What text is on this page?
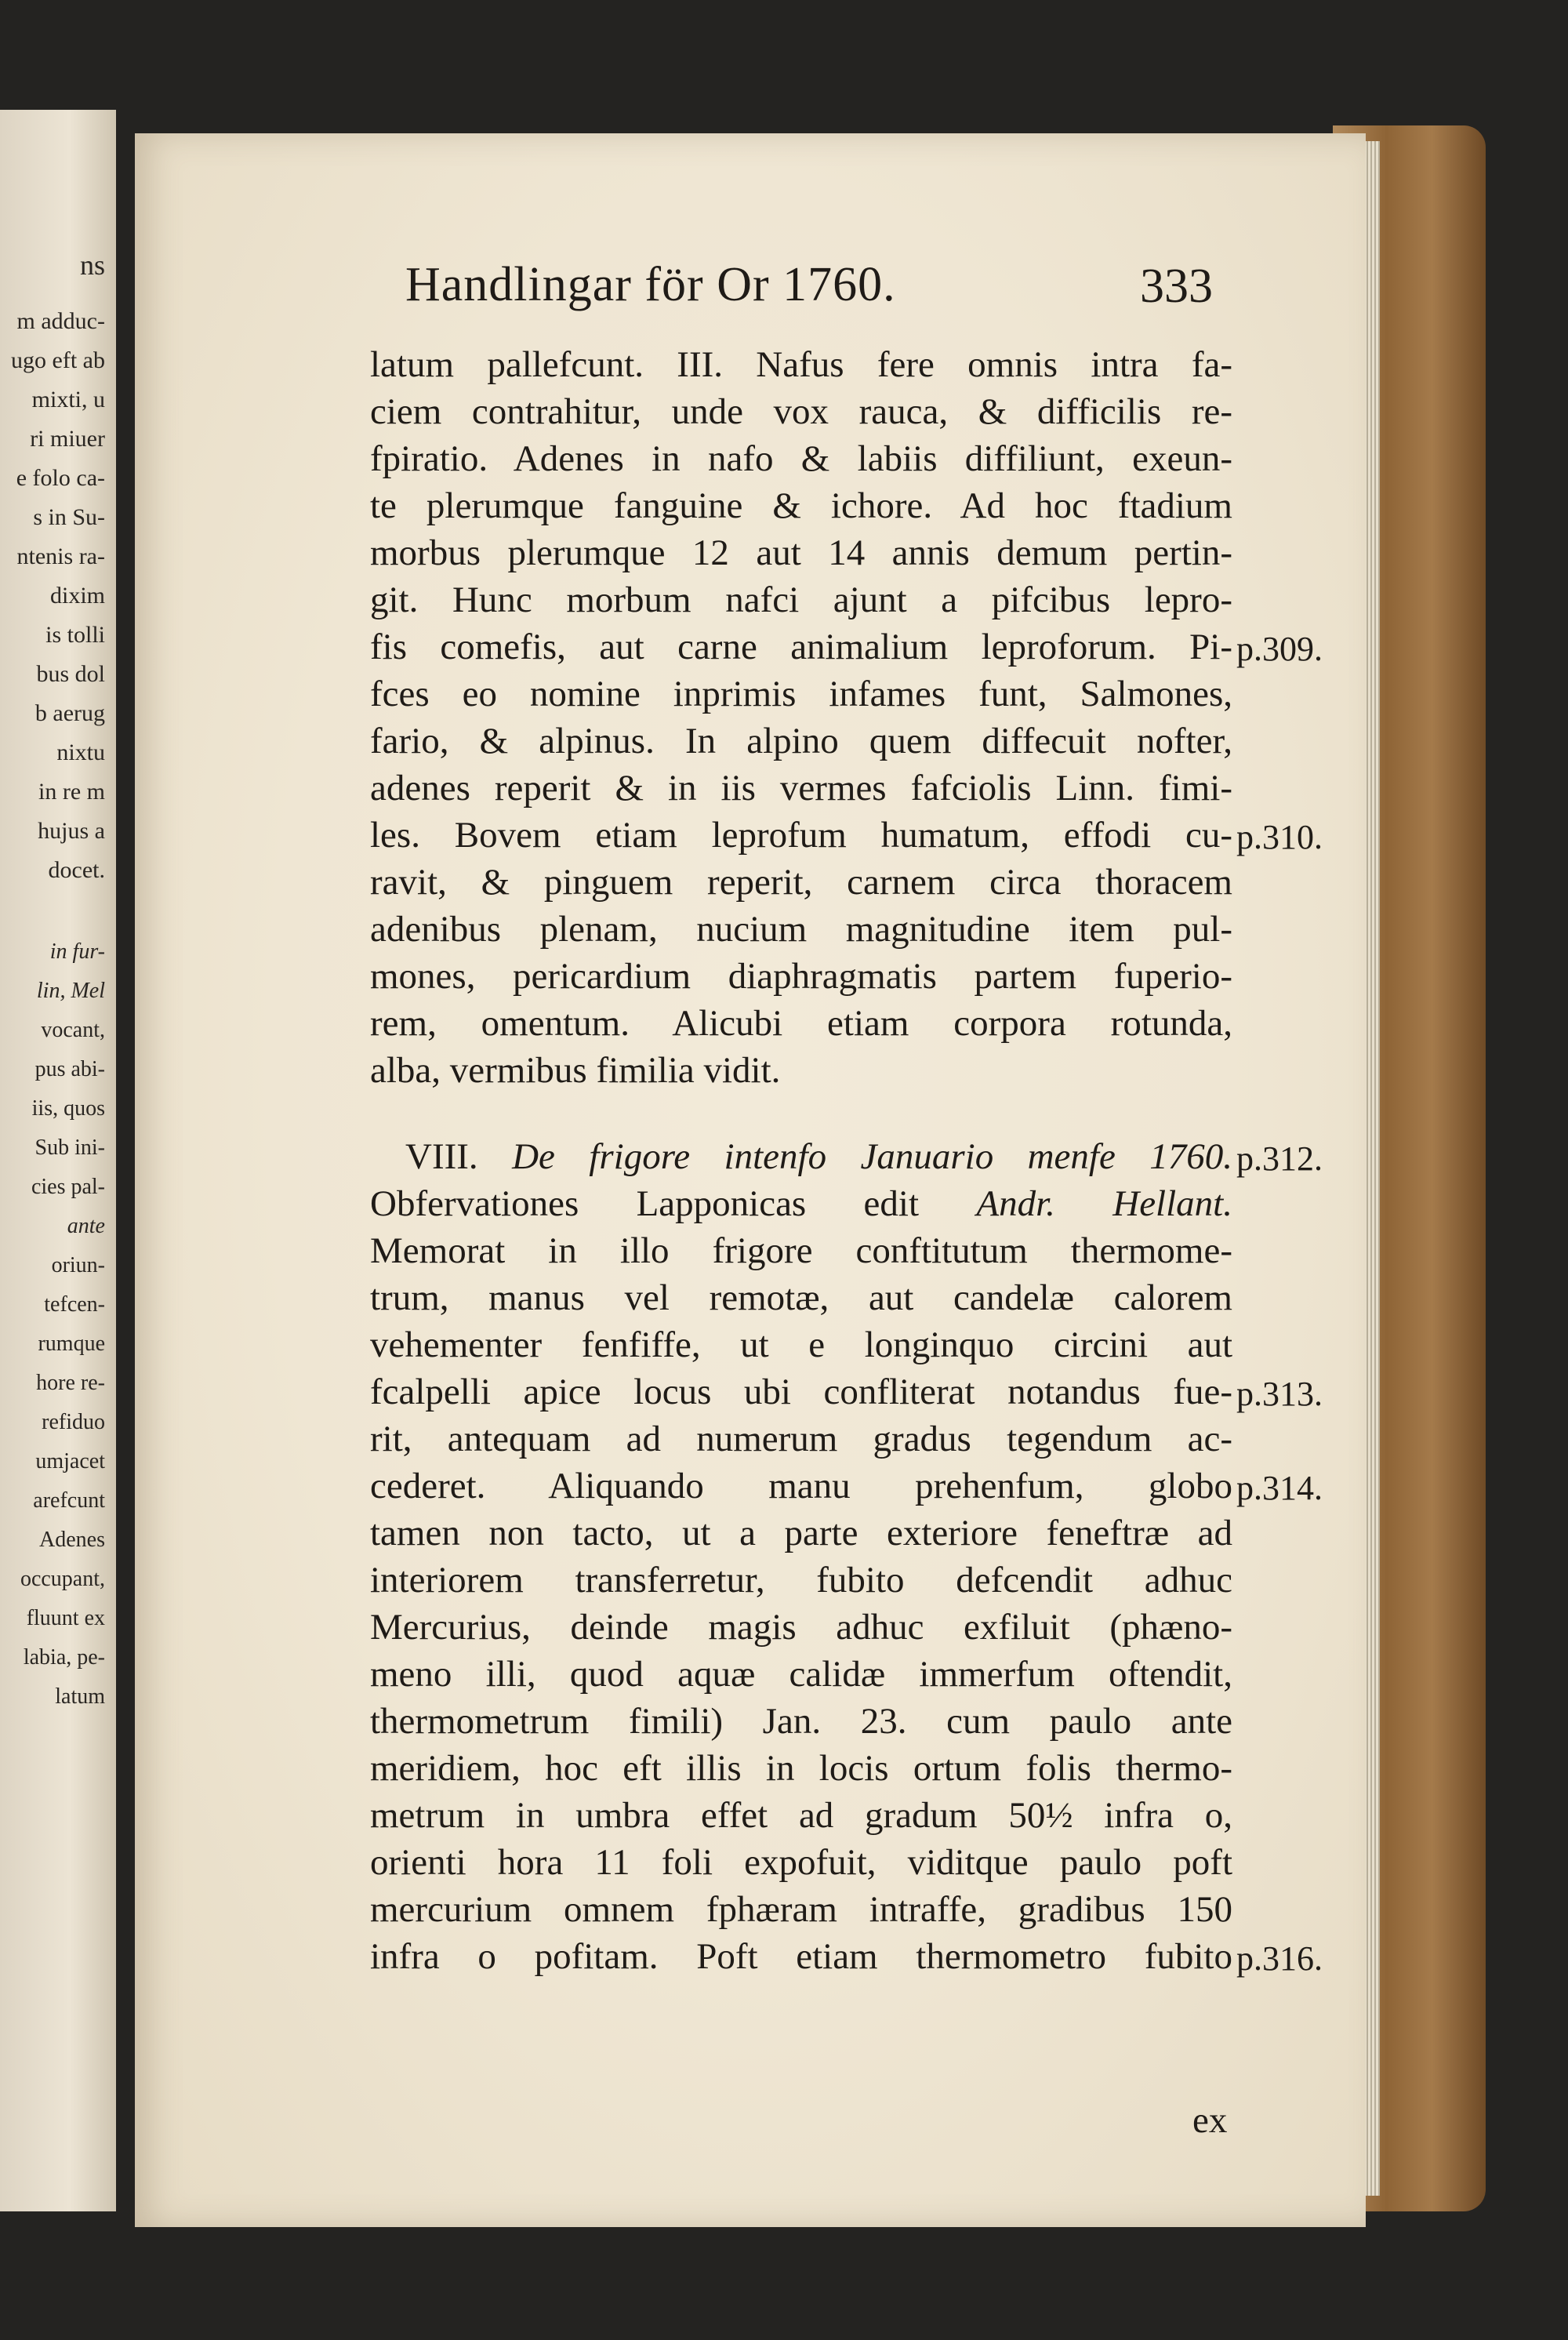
ns
m adduc-
ugo eft ab
mixti, u
ri miuer
e folo ca-
s in Su-
ntenis ra-
dixim
is tolli
bus dol
b aerug
nixtu
in re m
hujus a
docet.
in fur-
lin, Mel
vocant,
pus abi-
iis, quos
Sub ini-
cies pal-
ante
oriun-
tefcen-
rumque
hore re-
refiduo
umjacet
arefcunt
Adenes
occupant,
fluunt ex
labia, pe-
latum
Handlingar för Or 1760.	333
latum pallefcunt. III. Nafus fere omnis intra fa-
ciem contrahitur, unde vox rauca, & difficilis re-
fpiratio. Adenes in nafo & labiis diffiliunt, exeun-
te plerumque fanguine & ichore. Ad hoc ftadium
morbus plerumque 12 aut 14 annis demum pertin-
git. Hunc morbum nafci ajunt a pifcibus lepro-
fis comefis, aut carne animalium leproforum. Pi-
fces eo nomine inprimis infames funt, Salmones,
fario, & alpinus. In alpino quem diffecuit nofter,
adenes reperit & in iis vermes fafciolis Linn. fimi-
les. Bovem etiam leprofum humatum, effodi cu-
ravit, & pinguem reperit, carnem circa thoracem
adenibus plenam, nucium magnitudine item pul-
mones, pericardium diaphragmatis partem fuperio-
rem, omentum. Alicubi etiam corpora rotunda,
alba, vermibus fimilia vidit.
VIII. De frigore intenfo Januario menfe 1760.
Obfervationes Lapponicas edit Andr. Hellant.
Memorat in illo frigore conftitutum thermome-
trum, manus vel remotæ, aut candelæ calorem
vehementer fenfiffe, ut e longinquo circini aut
fcalpelli apice locus ubi confliterat notandus fue-
rit, antequam ad numerum gradus tegendum ac-
cederet. Aliquando manu prehenfum, globo
tamen non tacto, ut a parte exteriore feneftræ ad
interiorem transferretur, fubito defcendit adhuc
Mercurius, deinde magis adhuc exfiluit (phæno-
meno illi, quod aquæ calidæ immerfum oftendit,
thermometrum fimili) Jan. 23. cum paulo ante
meridiem, hoc eft illis in locis ortum folis thermo-
metrum in umbra effet ad gradum 50½ infra o,
orienti hora 11 foli expofuit, viditque paulo poft
mercurium omnem fphæram intraffe, gradibus 150
infra o pofitam. Poft etiam thermometro fubito
p.309.
p.310.
p.312.
p.313.
p.314.
p.316.
ex
